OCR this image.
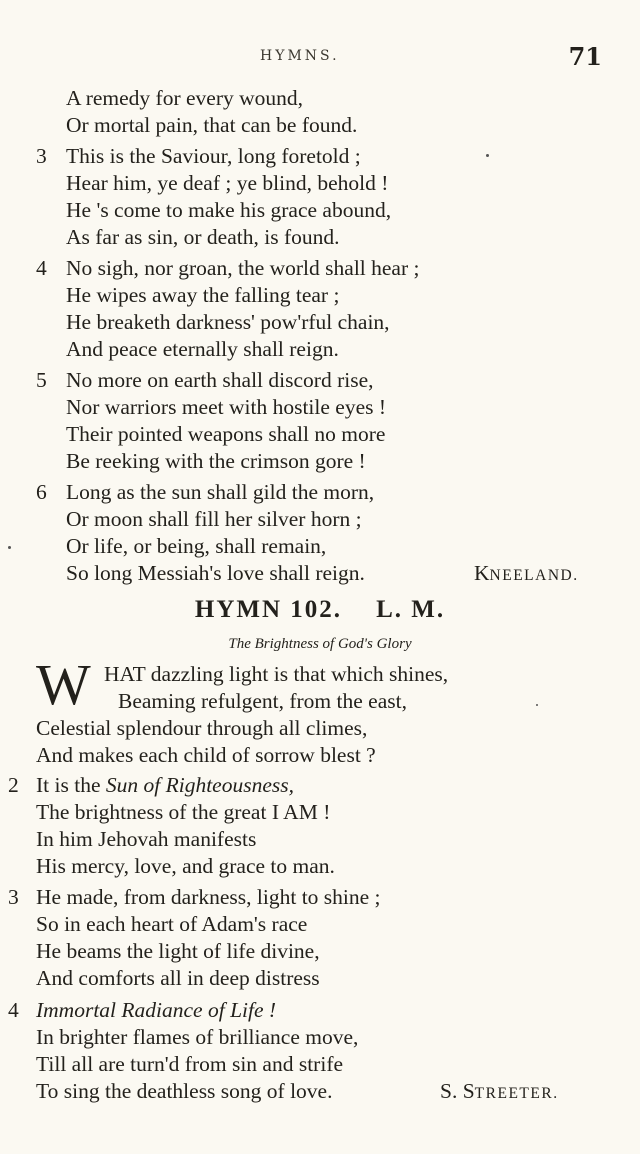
HYMNS.	71
A remedy for every wound,
Or mortal pain, that can be found.
3 This is the Saviour, long foretold ;
Hear him, ye deaf ; ye blind, behold !
He 's come to make his grace abound,
As far as sin, or death, is found.
4 No sigh, nor groan, the world shall hear ;
He wipes away the falling tear ;
He breaketh darkness' pow'rful chain,
And peace eternally shall reign.
5 No more on earth shall discord rise,
Nor warriors meet with hostile eyes !
Their pointed weapons shall no more
Be reeking with the crimson gore !
6 Long as the sun shall gild the morn,
Or moon shall fill her silver horn ;
Or life, or being, shall remain,
So long Messiah's love shall reign.	KNEELAND.
HYMN 102. L. M.
The Brightness of God's Glory
W HAT dazzling light is that which shines,
Beaming refulgent, from the east,
Celestial splendour through all climes,
And makes each child of sorrow blest ?
2 It is the Sun of Righteousness,
The brightness of the great I AM !
In him Jehovah manifests
His mercy, love, and grace to man.
3 He made, from darkness, light to shine ;
So in each heart of Adam's race
He beams the light of life divine,
And comforts all in deep distress
4 Immortal Radiance of Life !
In brighter flames of brilliance move,
Till all are turn'd from sin and strife
To sing the deathless song of love.	S. STREETER.
